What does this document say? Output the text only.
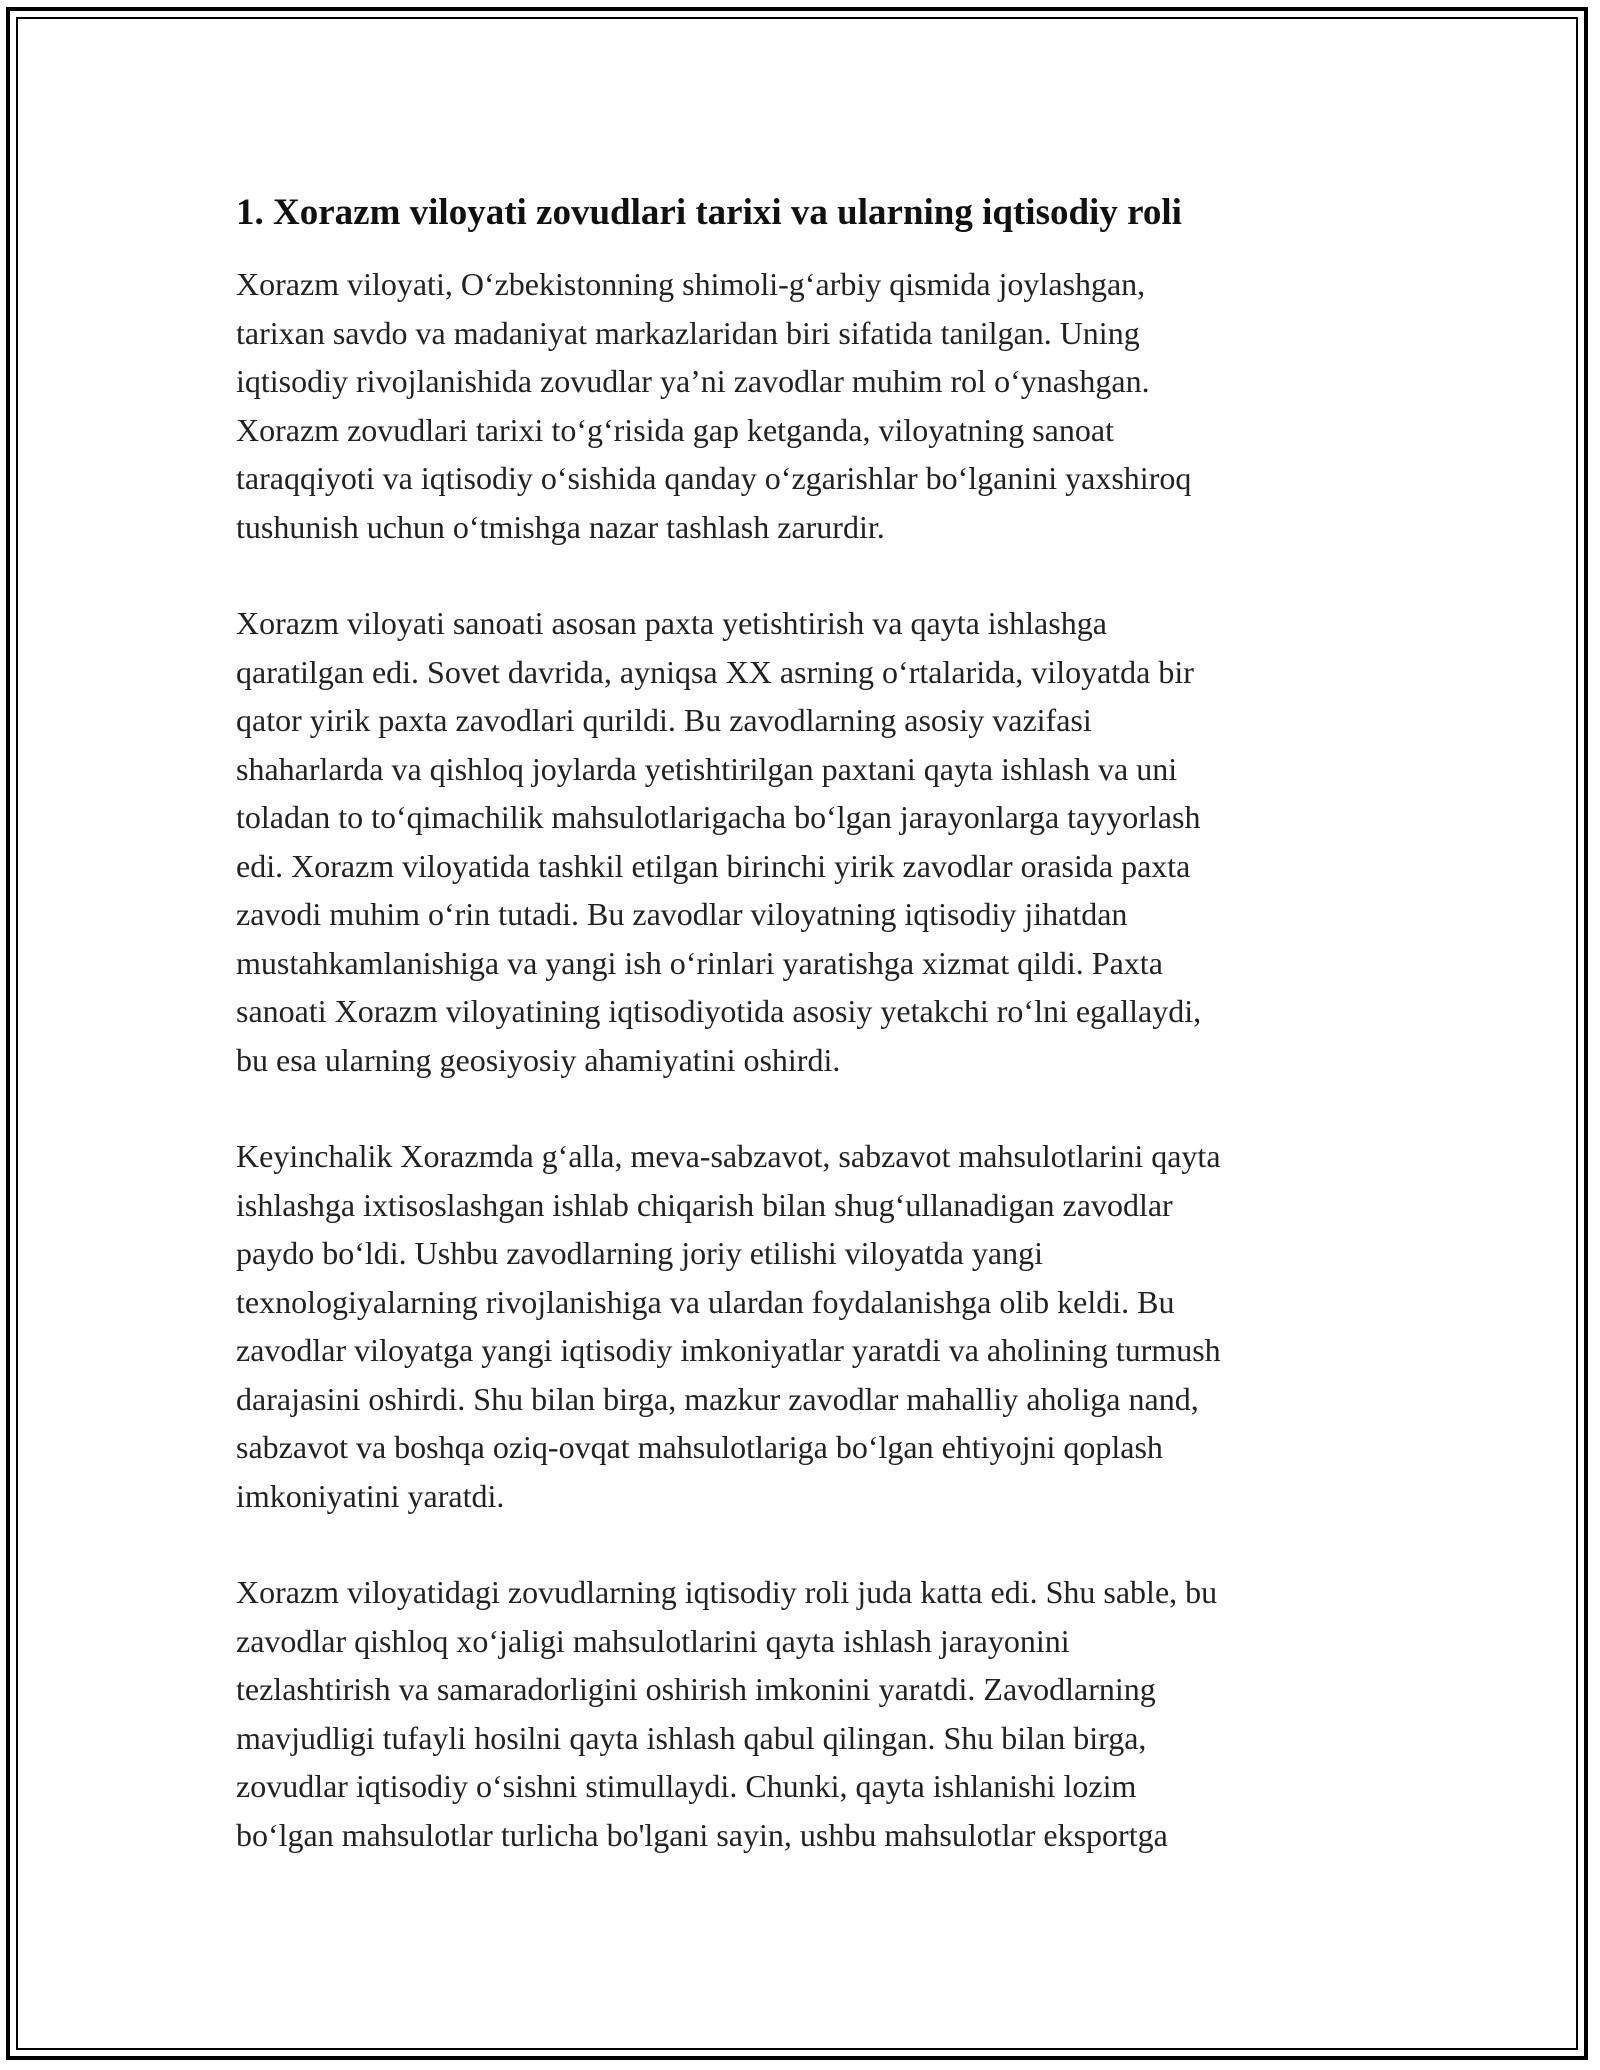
1. Xorazm viloyati zovudlari tarixi va ularning iqtisodiy roli
Xorazm viloyati, O‘zbekistonning shimoli-g‘arbiy qismida joylashgan,
tarixan savdo va madaniyat markazlaridan biri sifatida tanilgan. Uning
iqtisodiy rivojlanishida zovudlar ya’ni zavodlar muhim rol o‘ynashgan.
Xorazm zovudlari tarixi to‘g‘risida gap ketganda, viloyatning sanoat
taraqqiyoti va iqtisodiy o‘sishida qanday o‘zgarishlar bo‘lganini yaxshiroq
tushunish uchun o‘tmishga nazar tashlash zarurdir.
Xorazm viloyati sanoati asosan paxta yetishtirish va qayta ishlashga
qaratilgan edi. Sovet davrida, ayniqsa XX asrning o‘rtalarida, viloyatda bir
qator yirik paxta zavodlari qurildi. Bu zavodlarning asosiy vazifasi
shaharlarda va qishloq joylarda yetishtirilgan paxtani qayta ishlash va uni
toladan to to‘qimachilik mahsulotlarigacha bo‘lgan jarayonlarga tayyorlash
edi. Xorazm viloyatida tashkil etilgan birinchi yirik zavodlar orasida paxta
zavodi muhim o‘rin tutadi. Bu zavodlar viloyatning iqtisodiy jihatdan
mustahkamlanishiga va yangi ish o‘rinlari yaratishga xizmat qildi. Paxta
sanoati Xorazm viloyatining iqtisodiyotida asosiy yetakchi ro‘lni egallaydi,
bu esa ularning geosiyosiy ahamiyatini oshirdi.
Keyinchalik Xorazmda g‘alla, meva-sabzavot, sabzavot mahsulotlarini qayta
ishlashga ixtisoslashgan ishlab chiqarish bilan shug‘ullanadigan zavodlar
paydo bo‘ldi. Ushbu zavodlarning joriy etilishi viloyatda yangi
texnologiyalarning rivojlanishiga va ulardan foydalanishga olib keldi. Bu
zavodlar viloyatga yangi iqtisodiy imkoniyatlar yaratdi va aholining turmush
darajasini oshirdi. Shu bilan birga, mazkur zavodlar mahalliy aholiga nand,
sabzavot va boshqa oziq-ovqat mahsulotlariga bo‘lgan ehtiyojni qoplash
imkoniyatini yaratdi.
Xorazm viloyatidagi zovudlarning iqtisodiy roli juda katta edi. Shu sable, bu
zavodlar qishloq xo‘jaligi mahsulotlarini qayta ishlash jarayonini
tezlashtirish va samaradorligini oshirish imkonini yaratdi. Zavodlarning
mavjudligi tufayli hosilni qayta ishlash qabul qilingan. Shu bilan birga,
zovudlar iqtisodiy o‘sishni stimullaydi. Chunki, qayta ishlanishi lozim
bo‘lgan mahsulotlar turlicha bo'lgani sayin, ushbu mahsulotlar eksportga
